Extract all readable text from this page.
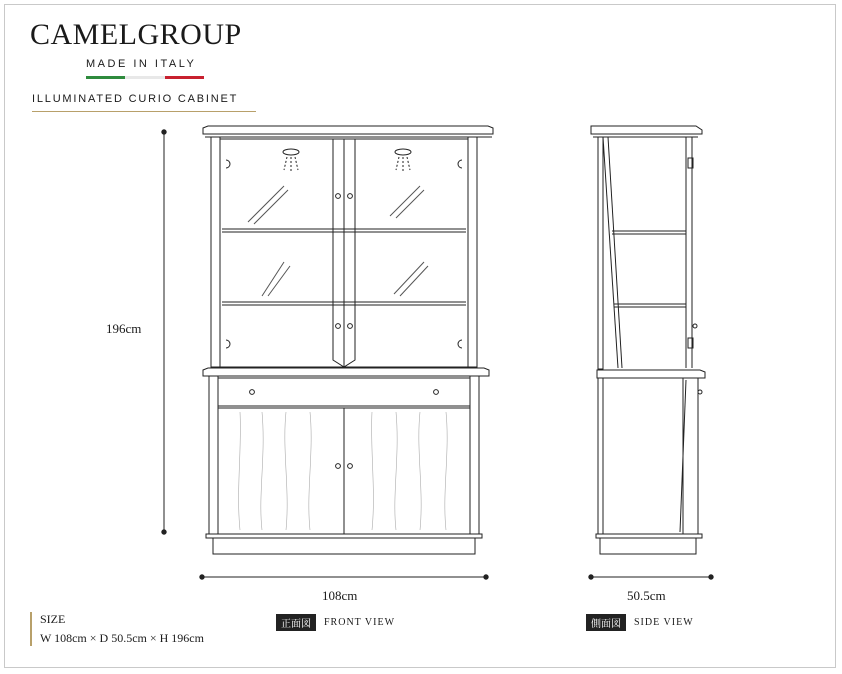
CAMELGROUP
MADE IN ITALY
ILLUMINATED CURIO CABINET
196cm
108cm	50.5cm
SIZE
W 108cm × D 50.5cm × H 196cm
正面図	FRONT VIEW	側面図	SIDE VIEW
